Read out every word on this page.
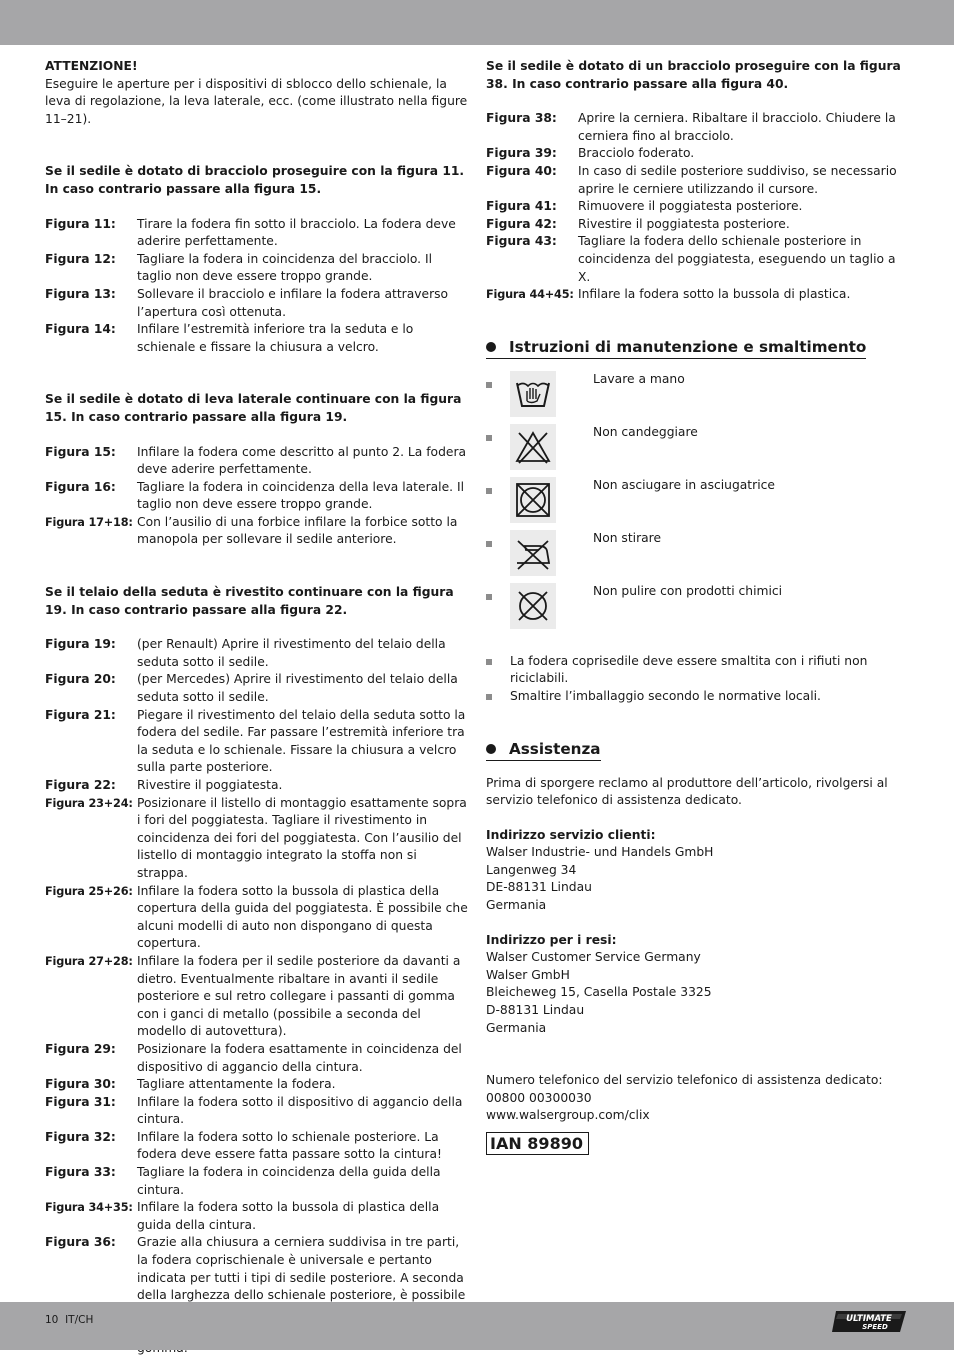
ATTENZIONE!

Eseguire le aperture per i dispositivi di sblocco dello schienale, la leva di regolazione, la leva laterale, ecc. (come illustrato nella figure 11–21).

Se il sedile è dotato di bracciolo proseguire con la figura 11. In caso contrario passare alla figura 15.

Figura 11:	Tirare la fodera fin sotto il bracciolo. La fodera deve aderire perfettamente.
Figura 12:	Tagliare la fodera in coincidenza del bracciolo. Il taglio non deve essere troppo grande.
Figura 13:	Sollevare il bracciolo e infilare la fodera attraverso l’apertura così ottenuta.
Figura 14:	Infilare l’estremità inferiore tra la seduta e lo schienale e fissare la chiusura a velcro.

Se il sedile è dotato di leva laterale continuare con la figura 15. In caso contrario passare alla figura 19.

Figura 15:	Infilare la fodera come descritto al punto 2. La fodera deve aderire perfettamente.
Figura 16:	Tagliare la fodera in coincidenza della leva laterale. Il taglio non deve essere troppo grande.
Figura 17+18: Con l’ausilio di una forbice infilare la forbice sotto la manopola per sollevare il sedile anteriore.

Se il telaio della seduta è rivestito continuare con la figura 19. In caso contrario passare alla figura 22.

Figura 19:	(per Renault) Aprire il rivestimento del telaio della seduta sotto il sedile.
Figura 20:	(per Mercedes) Aprire il rivestimento del telaio della seduta sotto il sedile.
Figura 21:	Piegare il rivestimento del telaio della seduta sotto la fodera del sedile. Far passare l’estremità inferiore tra la seduta e lo schienale. Fissare la chiusura a velcro sulla parte posteriore.
Figura 22:	Rivestire il poggiatesta.
Figura 23+24: Posizionare il listello di montaggio esattamente sopra i fori del poggiatesta. Tagliare il rivestimento in coincidenza dei fori del poggiatesta. Con l’ausilio del listello di montaggio integrato la stoffa non si strappa.
Figura 25+26: Infilare la fodera sotto la bussola di plastica della copertura della guida del poggiatesta. È possibile che alcuni modelli di auto non dispongano di questa copertura.
Figura 27+28: Infilare la fodera per il sedile posteriore da davanti a dietro. Eventualmente ribaltare in avanti il sedile posteriore e sul retro collegare i passanti di gomma con i ganci di metallo (possibile a seconda del modello di autovettura).
Figura 29:	Posizionare la fodera esattamente in coincidenza del dispositivo di aggancio della cintura.
Figura 30:	Tagliare attentamente la fodera.
Figura 31:	Infilare la fodera sotto il dispositivo di aggancio della cintura.
Figura 32:	Infilare la fodera sotto lo schienale posteriore. La fodera deve essere fatta passare sotto la cintura!
Figura 33:	Tagliare la fodera in coincidenza della guida della cintura.
Figura 34+35: Infilare la fodera sotto la bussola di plastica della guida della cintura.
Figura 36:	Grazie alla chiusura a cerniera suddivisa in tre parti, la fodera coprischienale è universale e pertanto indicata per tutti i tipi di sedile posteriore. A seconda della larghezza dello schienale posteriore, è possibile

Se il sedile è dotato di un bracciolo proseguire con la figura 38. In caso contrario passare alla figura 40.

Figura 38:	Aprire la cerniera. Ribaltare il bracciolo. Chiudere la cerniera fino al bracciolo.
Figura 39:	Bracciolo foderato.
Figura 40:	In caso di sedile posteriore suddiviso, se necessario aprire le cerniere utilizzando il cursore.
Figura 41:	Rimuovere il poggiatesta posteriore.
Figura 42:	Rivestire il poggiatesta posteriore.
Figura 43:	Tagliare la fodera dello schienale posteriore in coincidenza del poggiatesta, eseguendo un taglio a X.
Figura 44+45: Infilare la fodera sotto la bussola di plastica.
Istruzioni di manutenzione e smaltimento
Lavare a mano
Non candeggiare
Non asciugare in asciugatrice
Non stirare
Non pulire con prodotti chimici
La fodera coprisedile deve essere smaltita con i rifiuti non riciclabili.
Smaltire l’imballaggio secondo le normative locali.
Assistenza

Prima di sporgere reclamo al produttore dell’articolo, rivolgersi al servizio telefonico di assistenza dedicato.

Indirizzo servizio clienti:

Walser Industrie- und Handels GmbH

Langenweg 34

DE-88131 Lindau

Germania

Indirizzo per i resi:

Walser Customer Service Germany

Walser GmbH

Bleicheweg 15, Casella Postale 3325

D-88131 Lindau

Germania

Numero telefonico del servizio telefonico di assistenza dedicato:

00800 00300030

www.walsergroup.com/clix

IAN 89890
10 IT/CH	ULTIMATE
SPEED
